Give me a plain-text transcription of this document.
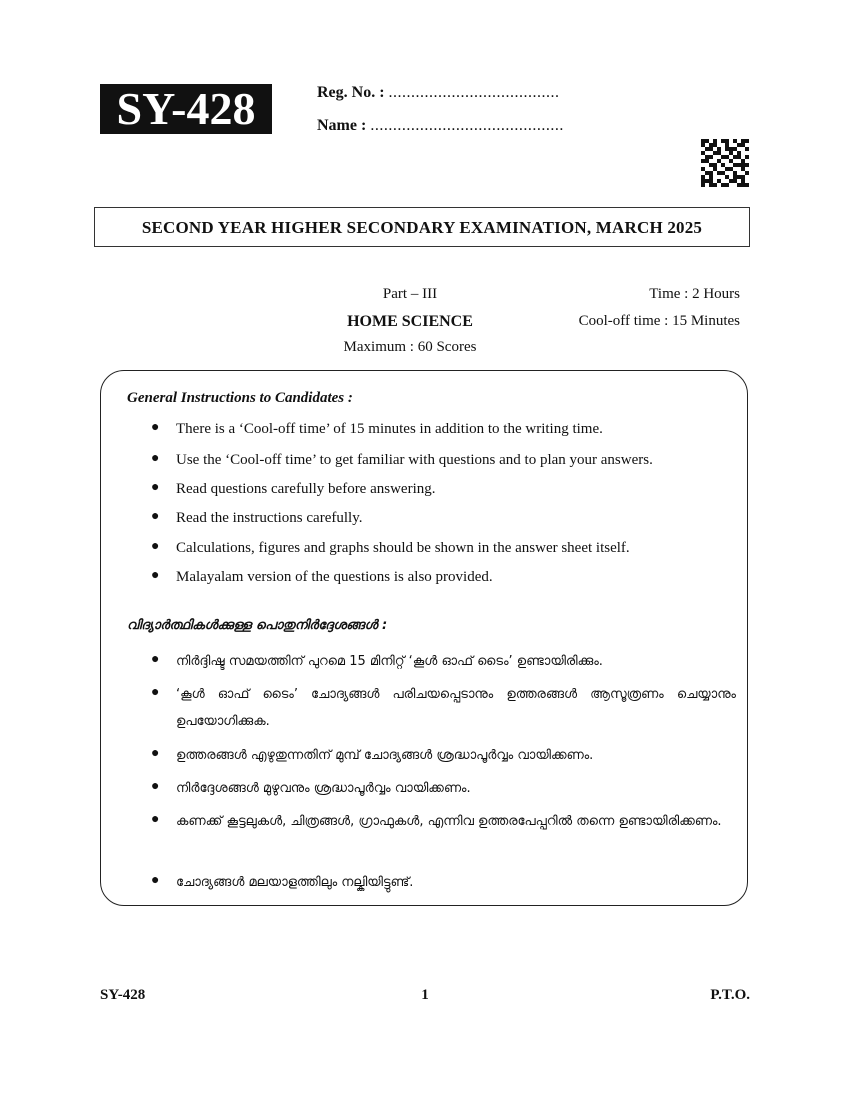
SY-428	Reg. No. : ......................................
Name : ...........................................
SECOND YEAR HIGHER SECONDARY EXAMINATION, MARCH 2025
Part – III
HOME SCIENCE
Maximum : 60 Scores
Time : 2 Hours
Cool-off time : 15 Minutes
General Instructions to Candidates :
● There is a ‘Cool-off time’ of 15 minutes in addition to the writing time.
● Use the ‘Cool-off time’ to get familiar with questions and to plan your answers.
● Read questions carefully before answering.
● Read the instructions carefully.
● Calculations, figures and graphs should be shown in the answer sheet itself.
● Malayalam version of the questions is also provided.
വിദ്യാർത്ഥികൾക്കുള്ള പൊതുനിർദ്ദേശങ്ങൾ :
● നിർദ്ദിഷ്ട സമയത്തിന് പുറമെ 15 മിനിറ്റ് ‘കൂൾ ഓഫ് ടൈം’ ഉണ്ടായിരിക്കും.
● ‘കൂൾ ഓഫ് ടൈം’ ചോദ്യങ്ങൾ പരിചയപ്പെടാനും ഉത്തരങ്ങൾ ആസൂത്രണം ചെയ്യാനും ഉപയോഗിക്കുക.
● ഉത്തരങ്ങൾ എഴുതുന്നതിന് മുമ്പ് ചോദ്യങ്ങൾ ശ്രദ്ധാപൂർവ്വം വായിക്കണം.
● നിർദ്ദേശങ്ങൾ മുഴുവനും ശ്രദ്ധാപൂർവ്വം വായിക്കണം.
● കണക്ക് കൂട്ടലുകൾ, ചിത്രങ്ങൾ, ഗ്രാഫുകൾ, എന്നിവ ഉത്തരപേപ്പറിൽ തന്നെ ഉണ്ടായിരിക്കണം.
● ചോദ്യങ്ങൾ മലയാളത്തിലും നല്കിയിട്ടുണ്ട്.
SY-428	1	P.T.O.
